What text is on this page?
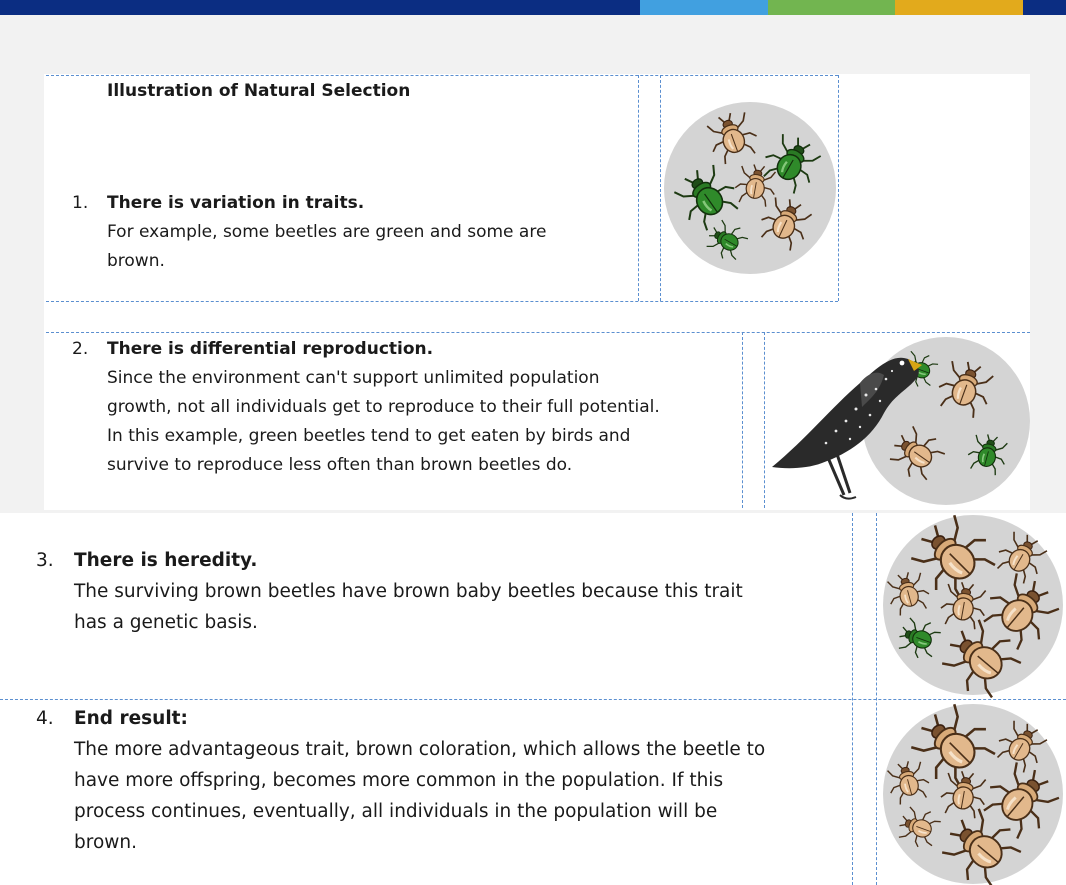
Illustration of Natural Selection
1. There is variation in traits.
For example, some beetles are green and some are
brown.
2. There is differential reproduction.
Since the environment can't support unlimited population
growth, not all individuals get to reproduce to their full potential.
In this example, green beetles tend to get eaten by birds and
survive to reproduce less often than brown beetles do.
3. There is heredity.
The surviving brown beetles have brown baby beetles because this trait
has a genetic basis.
4. End result:
The more advantageous trait, brown coloration, which allows the beetle to
have more offspring, becomes more common in the population. If this
process continues, eventually, all individuals in the population will be
brown.
